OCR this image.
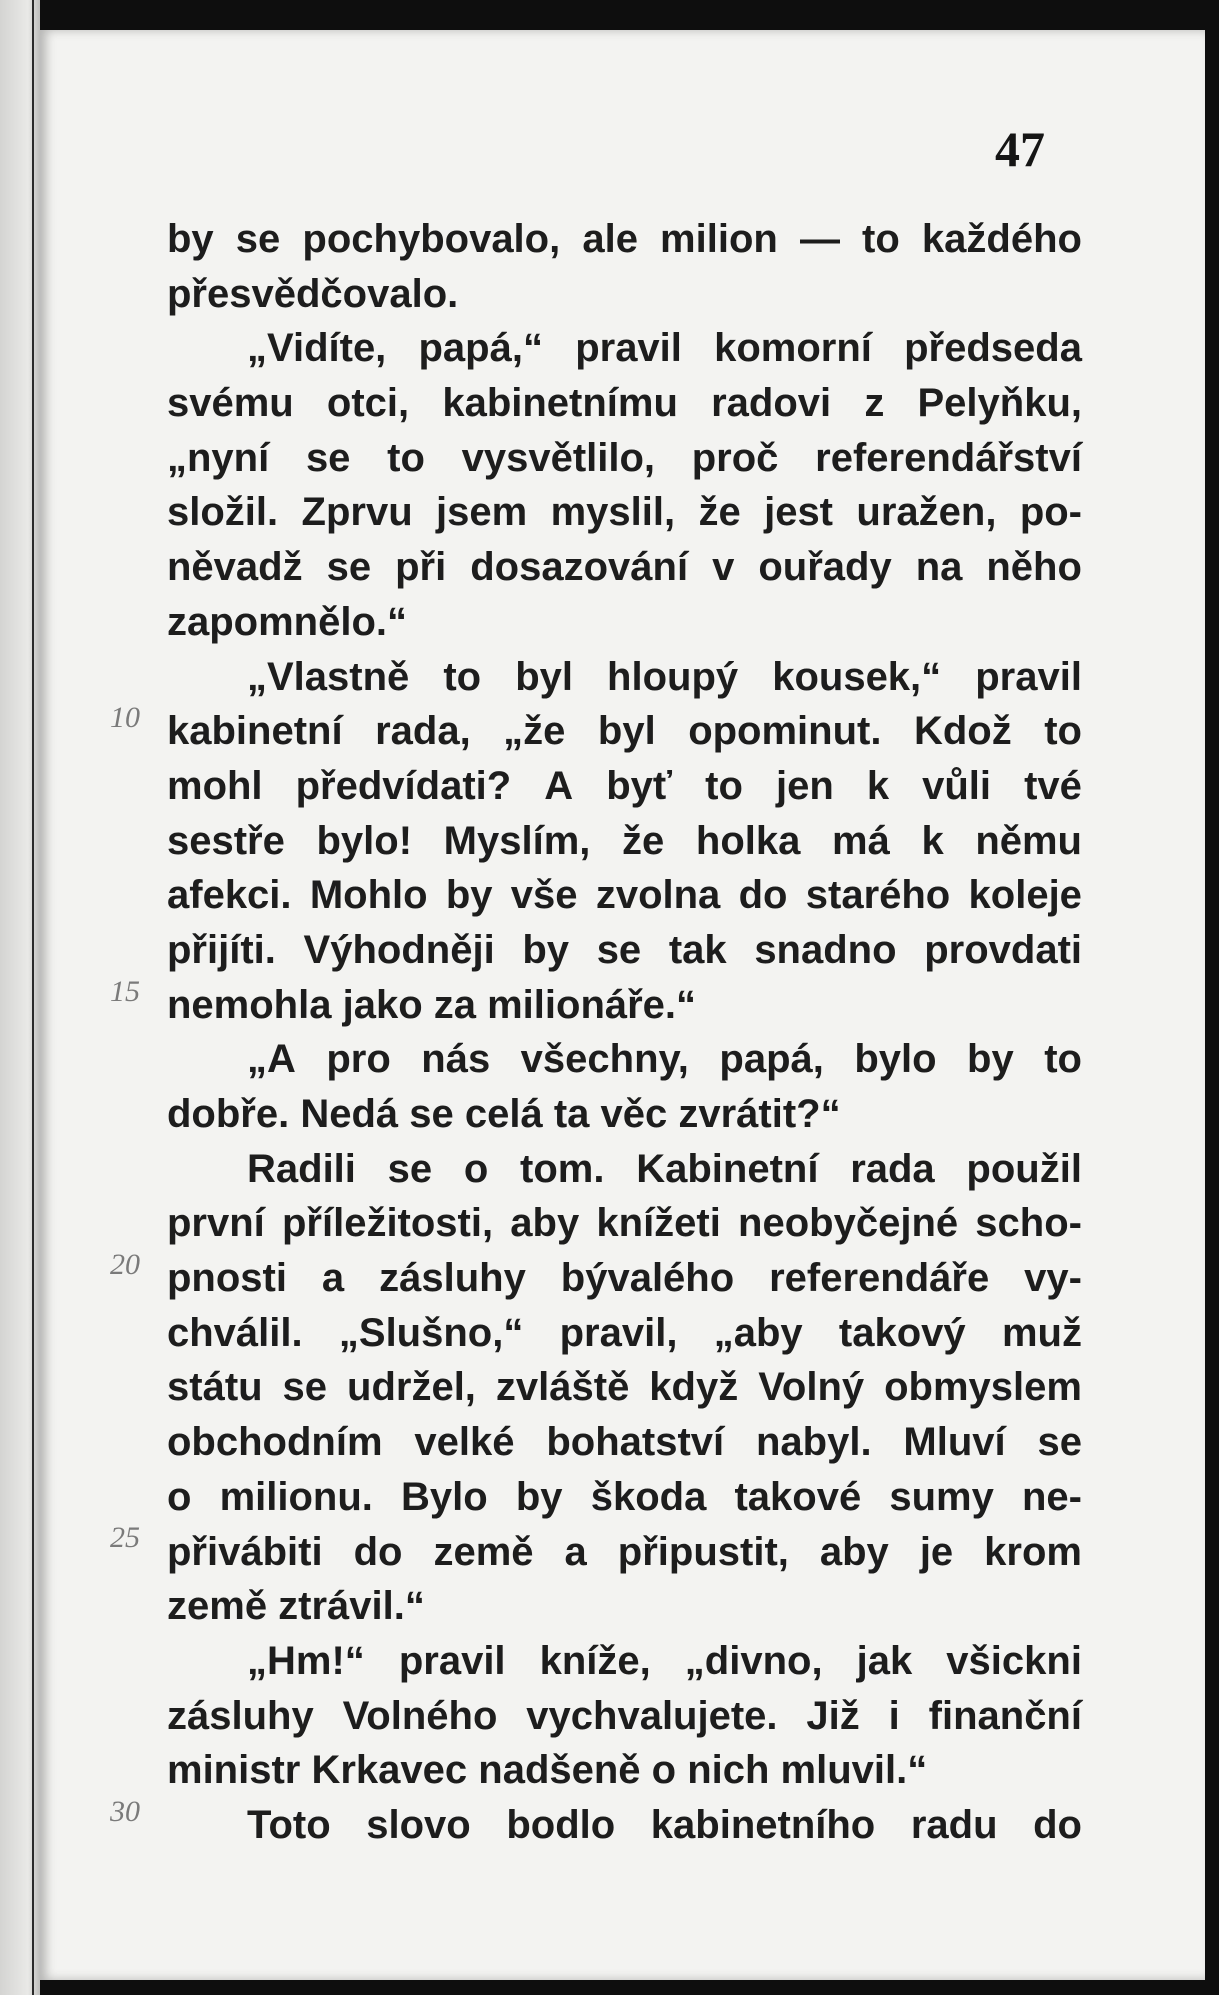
47
10
15
20
25
30
by se pochybovalo, ale milion — to každého
přesvědčovalo.
„Vidíte, papá,“ pravil komorní předseda
svému otci, kabinetnímu radovi z Pelyňku,
„nyní se to vysvětlilo, proč referendářství
složil. Zprvu jsem myslil, že jest uražen, po-
něvadž se při dosazování v ouřady na něho
zapomnělo.“
„Vlastně to byl hloupý kousek,“ pravil
kabinetní rada, „že byl opominut. Kdož to
mohl předvídati? A byť to jen k vůli tvé
sestře bylo! Myslím, že holka má k němu
afekci. Mohlo by vše zvolna do starého koleje
přijíti. Výhodněji by se tak snadno provdati
nemohla jako za milionáře.“
„A pro nás všechny, papá, bylo by to
dobře. Nedá se celá ta věc zvrátit?“
Radili se o tom. Kabinetní rada použil
první příležitosti, aby knížeti neobyčejné scho-
pnosti a zásluhy bývalého referendáře vy-
chválil. „Slušno,“ pravil, „aby takový muž
státu se udržel, zvláště když Volný obmyslem
obchodním velké bohatství nabyl. Mluví se
o milionu. Bylo by škoda takové sumy ne-
přivábiti do země a připustit, aby je krom
země ztrávil.“
„Hm!“ pravil kníže, „divno, jak všickni
zásluhy Volného vychvalujete. Již i finanční
ministr Krkavec nadšeně o nich mluvil.“
Toto slovo bodlo kabinetního radu do
